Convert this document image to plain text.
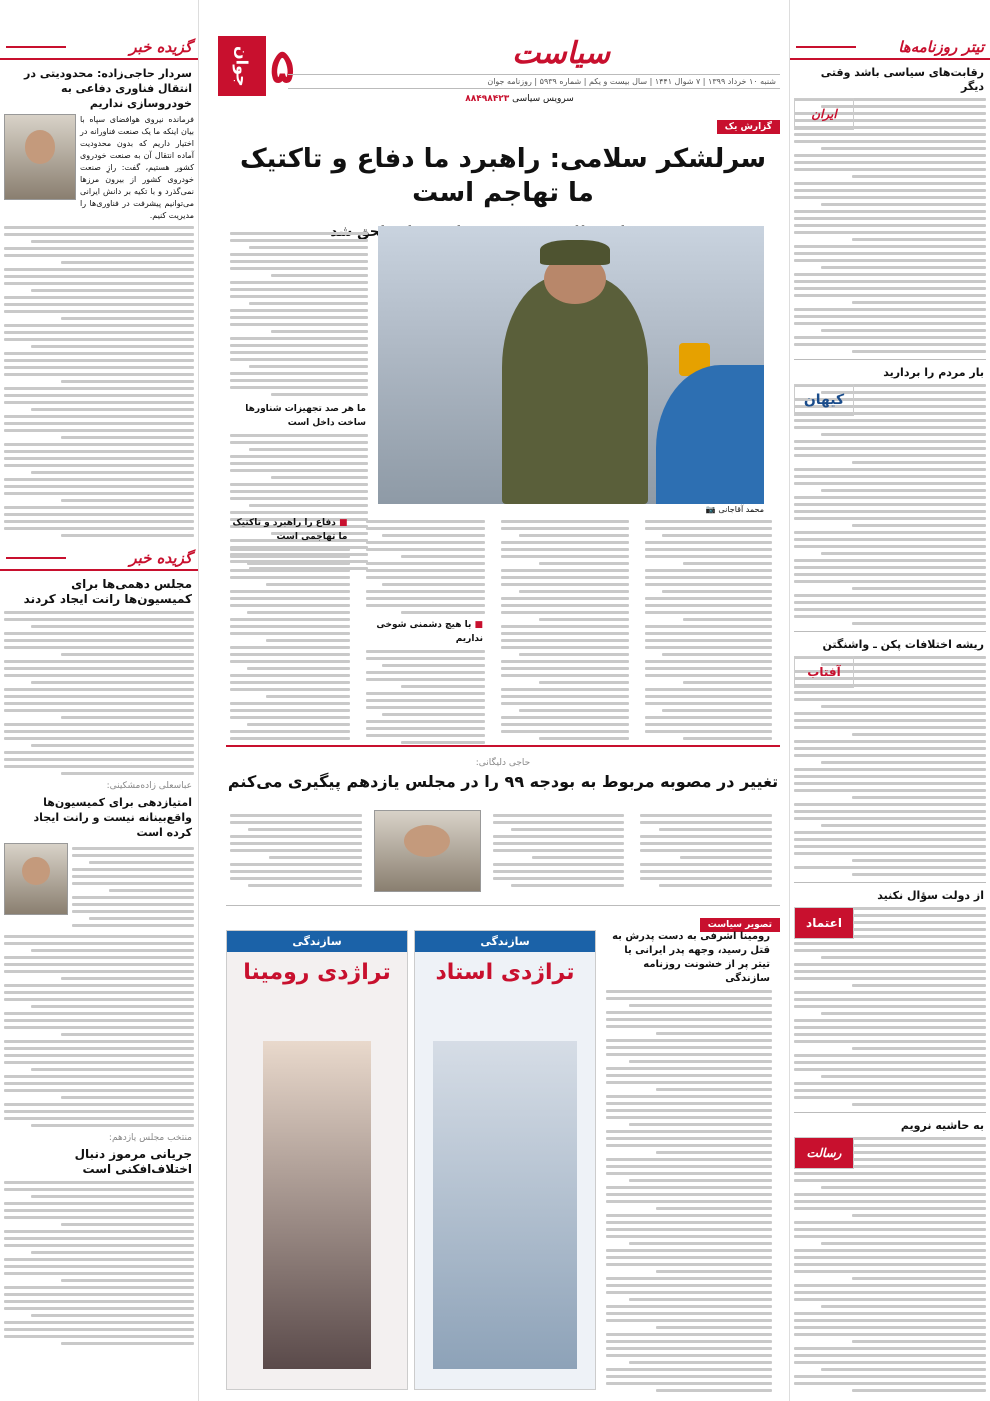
گزیده خبر
سردار حاجی‌زاده: محدودیتی در انتقال فناوری دفاعی به خودروسازی نداریم

فرمانده نیروی هوافضای سپاه با بیان اینکه ما یک صنعت فناورانه در اختیار داریم که بدون محدودیت آماده انتقال آن به صنعت خودروی کشور هستیم، گفت: رازِ صنعت خودروی کشور از بیرون مرزها نمی‌گذرد و با تکیه بر دانش ایرانی می‌توانیم پیشرفت در فناوری‌ها را مدیریت کنیم.

گزیده خبر
مجلس دهمی‌ها برای کمیسیون‌ها رانت ایجاد کردند
عباسعلی زاده‌مشکینی:
امتیازدهی برای کمیسیون‌ها واقع‌بینانه نیست و رانت ایجاد کرده است
منتخب مجلس یازدهم:
جریانی مرموز دنبال اختلاف‌افکنی است
تیتر روزنامه‌ها
رقابت‌های سیاسی باشد وقتی دیگر
ایران
بار مردم را بردارید
کیهان
ریشه اختلافات پکن ـ واشنگتن
آفتاب
از دولت سؤال نکنید
اعتماد
به حاشیه نرویم
رسالت
جوان ۵	سیاست
سرویس سیاسی ۸۸۴۹۸۴۲۳
شنبه ۱۰ خرداد ۱۳۹۹ | ۷ شوال ۱۴۴۱ | سال بیست و یکم | شماره ۵۹۳۹ | روزنامه جوان
گزارش یک
سرلشکر سلامی: راهبرد ما دفاع و تاکتیک ما تهاجم است
ملحق
محمد آقاجانی 📷
ما هر صد تجهیزات شناورها ساخت داخل است
■ با هیچ دشمنی شوخی نداریم
■ دفاع را راهبرد و تاکتیک ما تهاجمی است
حاجی دلیگانی:
تغییر در مصوبه مربوط به بودجه ۹۹ را در مجلس یازدهم پیگیری می‌کنم
تصویر سیاست
سازندگی
تراژدی استاد
سازندگی
تراژدی رومینا
رومینا اشرفی به دست پدرش به قتل رسید، وجهه پدر ایرانی یا تیتر پر از خشونت روزنامه سازندگی
